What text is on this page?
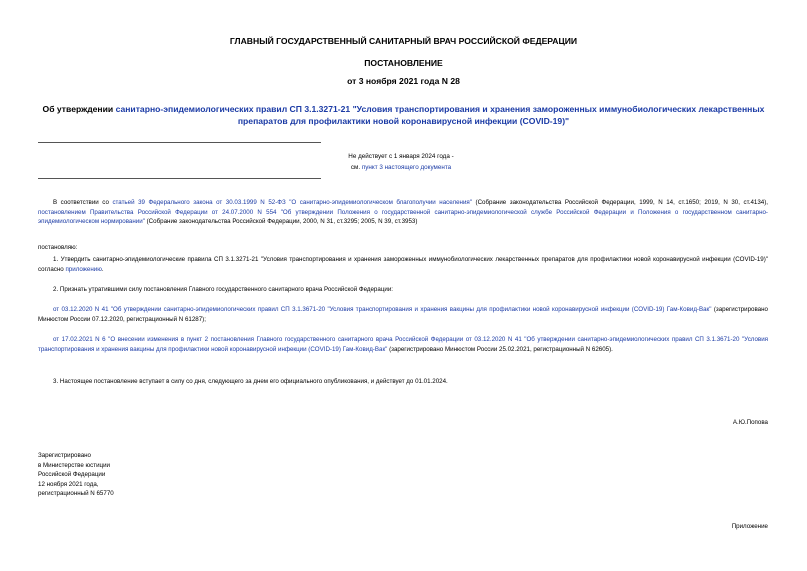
ГЛАВНЫЙ ГОСУДАРСТВЕННЫЙ САНИТАРНЫЙ ВРАЧ РОССИЙСКОЙ ФЕДЕРАЦИИ
ПОСТАНОВЛЕНИЕ
от 3 ноября 2021 года N 28
Об утверждении санитарно-эпидемиологических правил СП 3.1.3271-21 "Условия транспортирования и хранения замороженных иммунобиологических лекарственных препаратов для профилактики новой коронавирусной инфекции (COVID-19)"
Не действует с 1 января 2024 года -
см. пункт 3 настоящего документа
В соответствии со статьей 39 Федерального закона от 30.03.1999 N 52-ФЗ "О санитарно-эпидемиологическом благополучии населения" (Собрание законодательства Российской Федерации, 1999, N 14, ст.1650; 2019, N 30, ст.4134), постановлением Правительства Российской Федерации от 24.07.2000 N 554 "Об утверждении Положения о государственной санитарно-эпидемиологической службе Российской Федерации и Положения о государственном санитарно-эпидемиологическом нормировании" (Собрание законодательства Российской Федерации, 2000, N 31, ст.3295; 2005, N 39, ст.3953)
постановляю:
1. Утвердить санитарно-эпидемиологические правила СП 3.1.3271-21 "Условия транспортирования и хранения замороженных иммунобиологических лекарственных препаратов для профилактики новой коронавирусной инфекции (COVID-19)" согласно приложению.
2. Признать утратившими силу постановления Главного государственного санитарного врача Российской Федерации:
от 03.12.2020 N 41 "Об утверждении санитарно-эпидемиологических правил СП 3.1.3671-20 "Условия транспортирования и хранения вакцины для профилактики новой коронавирусной инфекции (COVID-19) Гам-Ковид-Вак" (зарегистрировано Минюстом России 07.12.2020, регистрационный N 61287);
от 17.02.2021 N 6 "О внесении изменения в пункт 2 постановления Главного государственного санитарного врача Российской Федерации от 03.12.2020 N 41 "Об утверждении санитарно-эпидемиологических правил СП 3.1.3671-20 "Условия транспортирования и хранения вакцины для профилактики новой коронавирусной инфекции (COVID-19) Гам-Ковид-Вак" (зарегистрировано Минюстом России 25.02.2021, регистрационный N 62605).
3. Настоящее постановление вступает в силу со дня, следующего за днем его официального опубликования, и действует до 01.01.2024.
А.Ю.Попова
Зарегистрировано
в Министерстве юстиции
Российской Федерации
12 ноября 2021 года,
регистрационный N 65770
Приложение
